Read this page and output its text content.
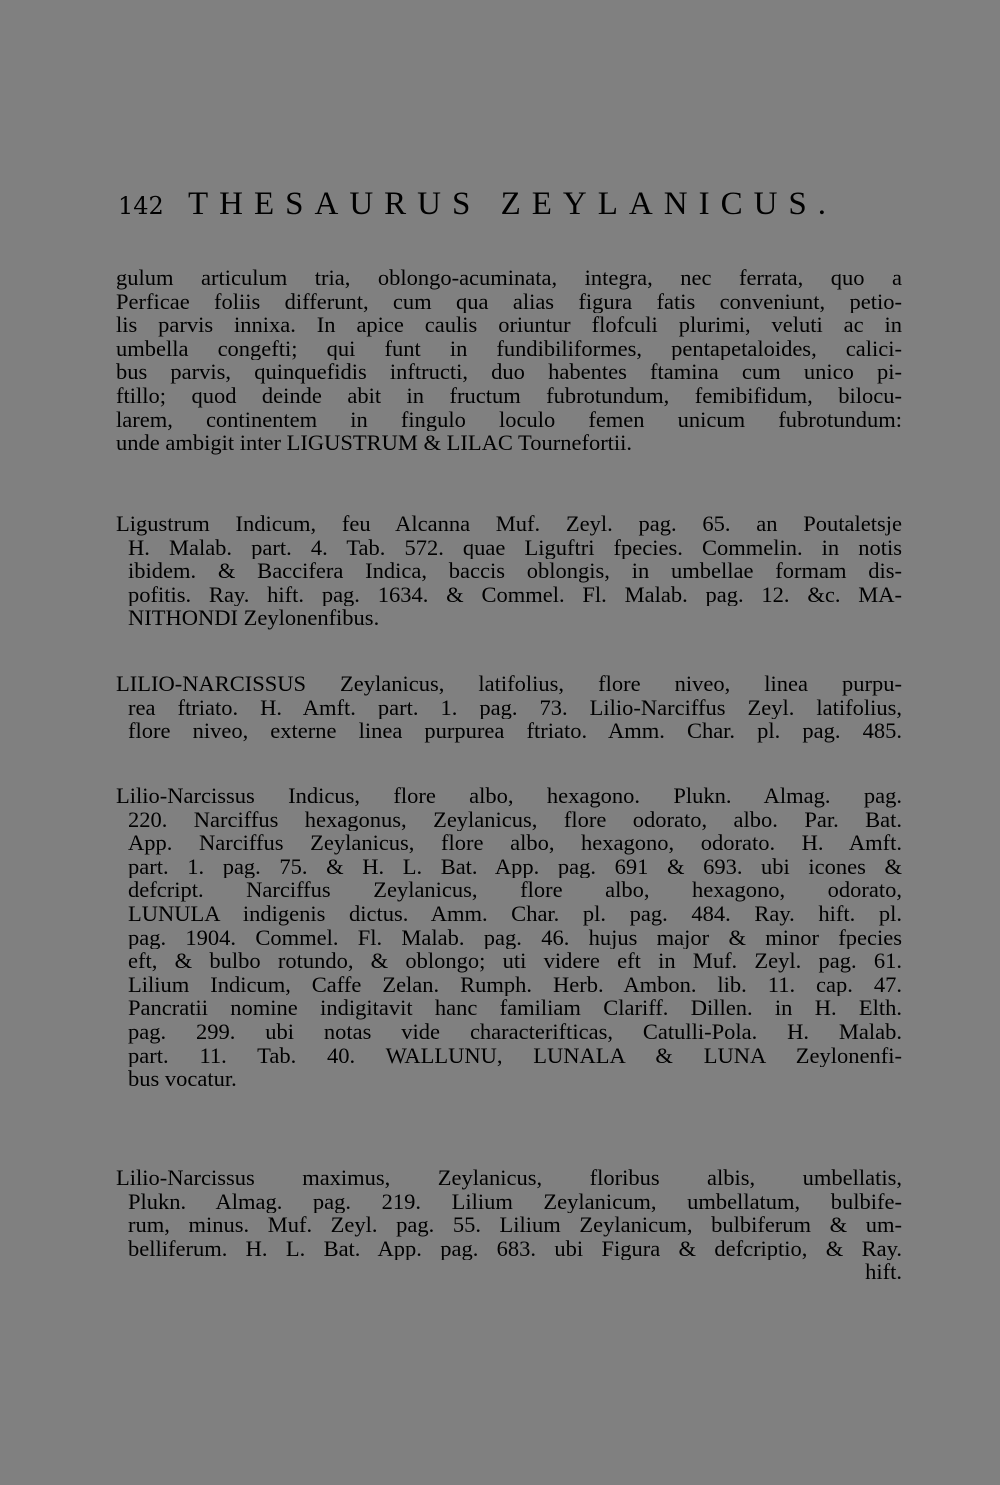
142 THESAURUS ZEYLANICUS.
gulum articulum tria, oblongo-acuminata, integra, nec ferrata, quo a
Perficae foliis differunt, cum qua alias figura fatis conveniunt, petio-
lis parvis innixa. In apice caulis oriuntur flofculi plurimi, veluti ac in
umbella congefti; qui funt in fundibiliformes, pentapetaloides, calici-
bus parvis, quinquefidis inftructi, duo habentes ftamina cum unico pi-
ftillo; quod deinde abit in fructum fubrotundum, femibifidum, bilocu-
larem, continentem in fingulo loculo femen unicum fubrotundum:
unde ambigit inter LIGUSTRUM & LILAC Tournefortii.
Ligustrum Indicum, feu Alcanna Muf. Zeyl. pag. 65. an Poutaletsje
H. Malab. part. 4. Tab. 572. quae Liguftri fpecies. Commelin. in notis
ibidem. & Baccifera Indica, baccis oblongis, in umbellae formam dis-
pofitis. Ray. hift. pag. 1634. & Commel. Fl. Malab. pag. 12. &c. MA-
NITHONDI Zeylonenfibus.
LILIO-NARCISSUS Zeylanicus, latifolius, flore niveo, linea purpu-
rea ftriato. H. Amft. part. 1. pag. 73. Lilio-Narciffus Zeyl. latifolius,
flore niveo, externe linea purpurea ftriato. Amm. Char. pl. pag. 485.
Lilio-Narcissus Indicus, flore albo, hexagono. Plukn. Almag. pag.
220. Narciffus hexagonus, Zeylanicus, flore odorato, albo. Par. Bat.
App. Narciffus Zeylanicus, flore albo, hexagono, odorato. H. Amft.
part. 1. pag. 75. & H. L. Bat. App. pag. 691 & 693. ubi icones &
defcript. Narciffus Zeylanicus, flore albo, hexagono, odorato,
LUNULA indigenis dictus. Amm. Char. pl. pag. 484. Ray. hift. pl.
pag. 1904. Commel. Fl. Malab. pag. 46. hujus major & minor fpecies
eft, & bulbo rotundo, & oblongo; uti videre eft in Muf. Zeyl. pag. 61.
Lilium Indicum, Caffe Zelan. Rumph. Herb. Ambon. lib. 11. cap. 47.
Pancratii nomine indigitavit hanc familiam Clariff. Dillen. in H. Elth.
pag. 299. ubi notas vide characterifticas, Catulli-Pola. H. Malab.
part. 11. Tab. 40. WALLUNU, LUNALA & LUNA Zeylonenfi-
bus vocatur.
Lilio-Narcissus maximus, Zeylanicus, floribus albis, umbellatis,
Plukn. Almag. pag. 219. Lilium Zeylanicum, umbellatum, bulbife-
rum, minus. Muf. Zeyl. pag. 55. Lilium Zeylanicum, bulbiferum & um-
belliferum. H. L. Bat. App. pag. 683. ubi Figura & defcriptio, & Ray.
hift.
